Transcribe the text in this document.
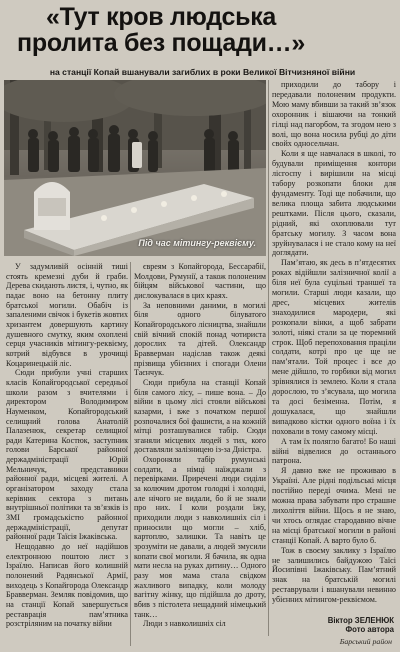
«Тут кров людська пролита без пощади…»
на станції Копай вшанували загиблих в роки Великої Вітчизняної війни
Під час мітингу-реквієму.

У задумливій осінній тиші стоять кремезні дуби й граби. Дерева скидають листя, і, чутно, як падає воно на бетонну плиту братської могили. Обабіч із запаленими свічок і букетів жовтих хризантем довершують картину душевного смутку, яким охоплені серця учасників мітингу-реквієму, котрий відбувся в урочищі Коцаринецькій ліс.

Сюди прибули учні старших класів Копайгородської середньої школи разом з вчителями і директором Володимиром Науменком, Копайгородський селищний голова Анатолій Палазенюк, секретар селищної ради Катерина Костюк, заступник голови Барської районної держадміністрації Юрій Мельничук, представники районної ради, місцеві жителі. А організатором заходу стала керівник сектора з питань внутрішньої політики та зв’язків із ЗМІ громадськістю районної держадміністрації, депутат районної ради Таїсія Іжаківська.

Нещодавно до неї надійшов електронною поштою лист з Ізраїлю. Написав його колишній полонений Радянської Армії, виходець з Копайгорода Олександр Бравверман. Земляк повідомив, що на станції Копай завершується реставрація пам’ятника розстріляним на початку війни

євреям з Копайгорода, Бессарабії, Молдови, Румунії, а також полоненим бійцям військової частини, що дислокувалася в цих краях.

За неповними даними, в могилі біля одного білуватого Копайгородського лісництва, знайшли свій вічний спокій понад чотириста дорослих та дітей. Олександр Бравверман надіслав також деякі прізвища убієнних і спогади Олени Таєнчук.

Сюди прибула на станції Копай біля самого лісу, – пише вона. – До війни в цьому лісі стояли військові казарми, і вже з початком першої розпочалися бої фашисти, а на кожній мітці розташувалися табір. Сюди зганяли місцевих людей з тих, кого доставляли залізницею із-за Дністра.

Охороняли табір румунські солдати, а німці наїжджали з перевірками. Приречені люди сиділи за колючим дротом голодні і холодні, але нічого не видали, бо й не знали про них. І коли роздали їжу, приходили люди з навколишніх сіл і приносили що могли – хліб, картоплю, залишки. Та навіть це зрозуміти не давали, а людей змусили копати свої могили. Я бачила, як одна мати несла на руках дитину… Одного разу моя мама стала свідком жахливого випадку, коли молоду вагітну жінку, що підійшла до дроту, вбив з пістолета нещадний німецький танк…

Люди з навколишніх сіл

приходили до табору і передавали полоненим продукти. Мою маму вбивши за такий зв’язок охоронник і вішаючи на тонкий гілці над пагорбом, та згодом нею з волі, що вона носила рубці до діти свойх односельчан.

Коли я ще навчалася в школі, то будували приміщення контори лісгоспу і вирішили на місці табору розкопати блоки для фундаменту. Тоді ще побачили, що велика площа забита людськими рештками. Після цього, сказали, рідний, які охоплювали тут братську могилу. З часом вона зруйнувалася і не стало кому на неї доглядати.

Пам’ятаю, як десь в п’ятдесятих роках відійшли залізничної колії а біля неї була суцільні траншеї та могили. Старші люди казали, що дрес, місцевих жителів знаходилися мародери, які розкопали вінки, а щоб забрати золоті, ніякі стали за це тюремний строк. Щоб перепоховання праціли солдати, котрі про це ще не пам’ятали. Той процес і все до мене дійшло, то горбики від могил зрівнялися із землею. Коли я стала дорослою, то з’ясувала, що могила та досі безіменна. Потім, я дошукалася, що знайшли випадково кістки одного воїна і їх поховали в тому самому місці.

А там їх полягло багато! Бо наші війні відвелися до останнього патрона.

Я давно вже не проживаю в Україні. Але рідні подільські місця постійно переді очима. Мені не можна права забувати про страшне лихоліття війни. Щось я не знаю, чи хтось оглядає стародавню вічне на місці братської могили в районі станції Копай. А варто було б.

Тож в своєму заклику з Ізраїлю не залишились байдужою Таїсі Йосипівні Іжаківську. Пам’ятний знак на братській могилі реставрували і вшанували невинно убієнних мітингом-реквіємом.

Віктор ЗЕЛЕНЮК
Фото автора
Барський район
